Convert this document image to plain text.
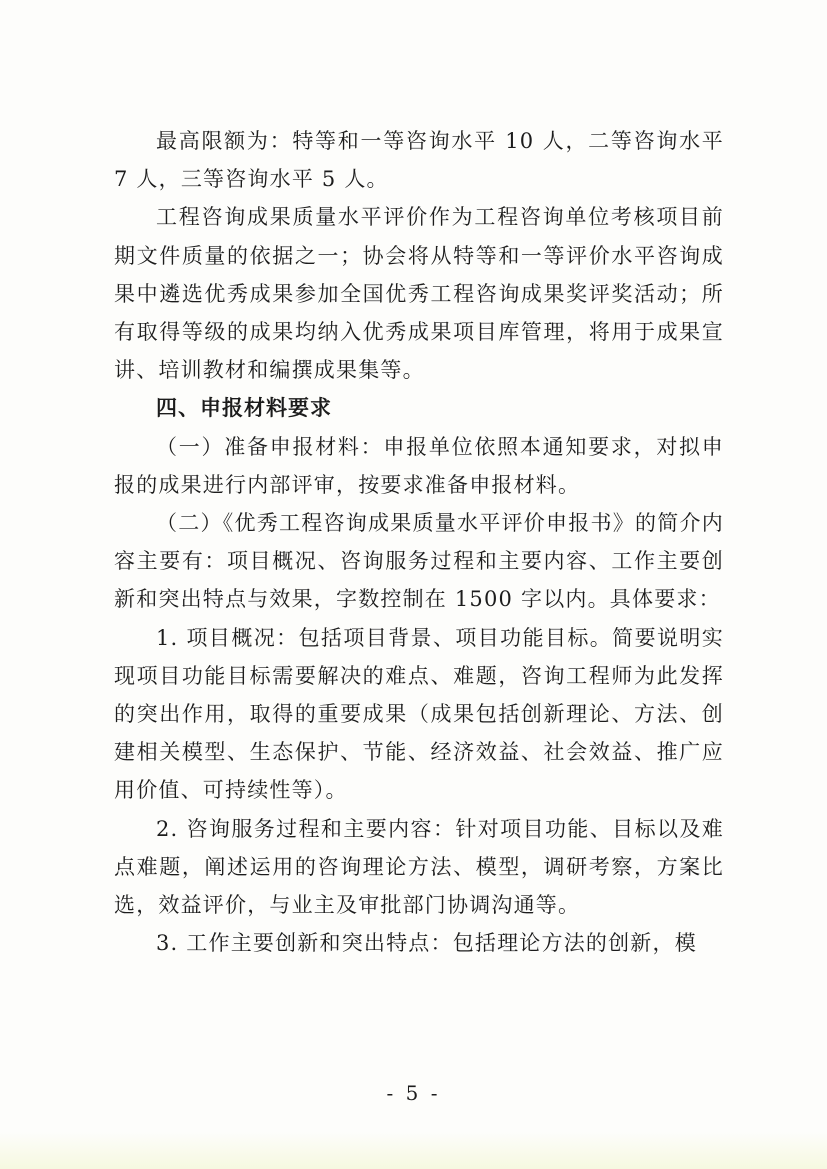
最高限额为：特等和一等咨询水平 10 人，二等咨询水平 7 人，三等咨询水平 5 人。

工程咨询成果质量水平评价作为工程咨询单位考核项目前期文件质量的依据之一；协会将从特等和一等评价水平咨询成果中遴选优秀成果参加全国优秀工程咨询成果奖评奖活动；所有取得等级的成果均纳入优秀成果项目库管理，将用于成果宣讲、培训教材和编撰成果集等。

四、申报材料要求

（一）准备申报材料：申报单位依照本通知要求，对拟申报的成果进行内部评审，按要求准备申报材料。

（二）《优秀工程咨询成果质量水平评价申报书》的简介内容主要有：项目概况、咨询服务过程和主要内容、工作主要创新和突出特点与效果，字数控制在 1500 字以内。具体要求：

1. 项目概况：包括项目背景、项目功能目标。简要说明实现项目功能目标需要解决的难点、难题，咨询工程师为此发挥的突出作用，取得的重要成果（成果包括创新理论、方法、创建相关模型、生态保护、节能、经济效益、社会效益、推广应用价值、可持续性等）。

2. 咨询服务过程和主要内容：针对项目功能、目标以及难点难题，阐述运用的咨询理论方法、模型，调研考察，方案比选，效益评价，与业主及审批部门协调沟通等。

3. 工作主要创新和突出特点：包括理论方法的创新，模

- 5 -
